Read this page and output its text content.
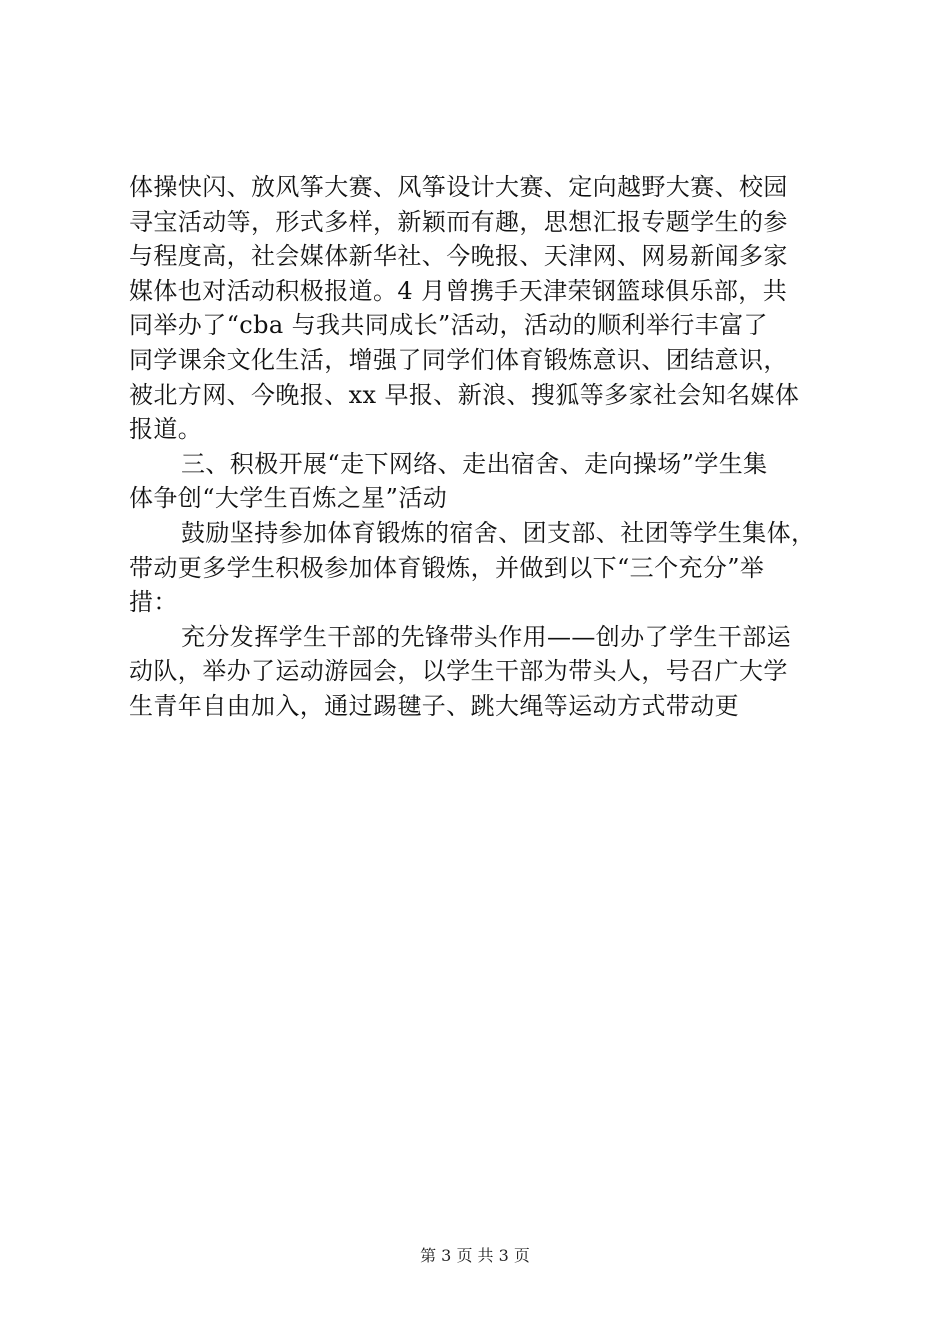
体操快闪、放风筝大赛、风筝设计大赛、定向越野大赛、校园
寻宝活动等，形式多样，新颖而有趣，思想汇报专题学生的参
与程度高，社会媒体新华社、今晚报、天津网、网易新闻多家
媒体也对活动积极报道。4 月曾携手天津荣钢篮球俱乐部，共
同举办了“cba 与我共同成长”活动，活动的顺利举行丰富了
同学课余文化生活，增强了同学们体育锻炼意识、团结意识，
被北方网、今晚报、xx 早报、新浪、搜狐等多家社会知名媒体
报道。
三、积极开展“走下网络、走出宿舍、走向操场”学生集
体争创“大学生百炼之星”活动
鼓励坚持参加体育锻炼的宿舍、团支部、社团等学生集体，
带动更多学生积极参加体育锻炼，并做到以下“三个充分”举
措：
充分发挥学生干部的先锋带头作用——创办了学生干部运
动队，举办了运动游园会，以学生干部为带头人，号召广大学
生青年自由加入，通过踢毽子、跳大绳等运动方式带动更
第 3 页 共 3 页
